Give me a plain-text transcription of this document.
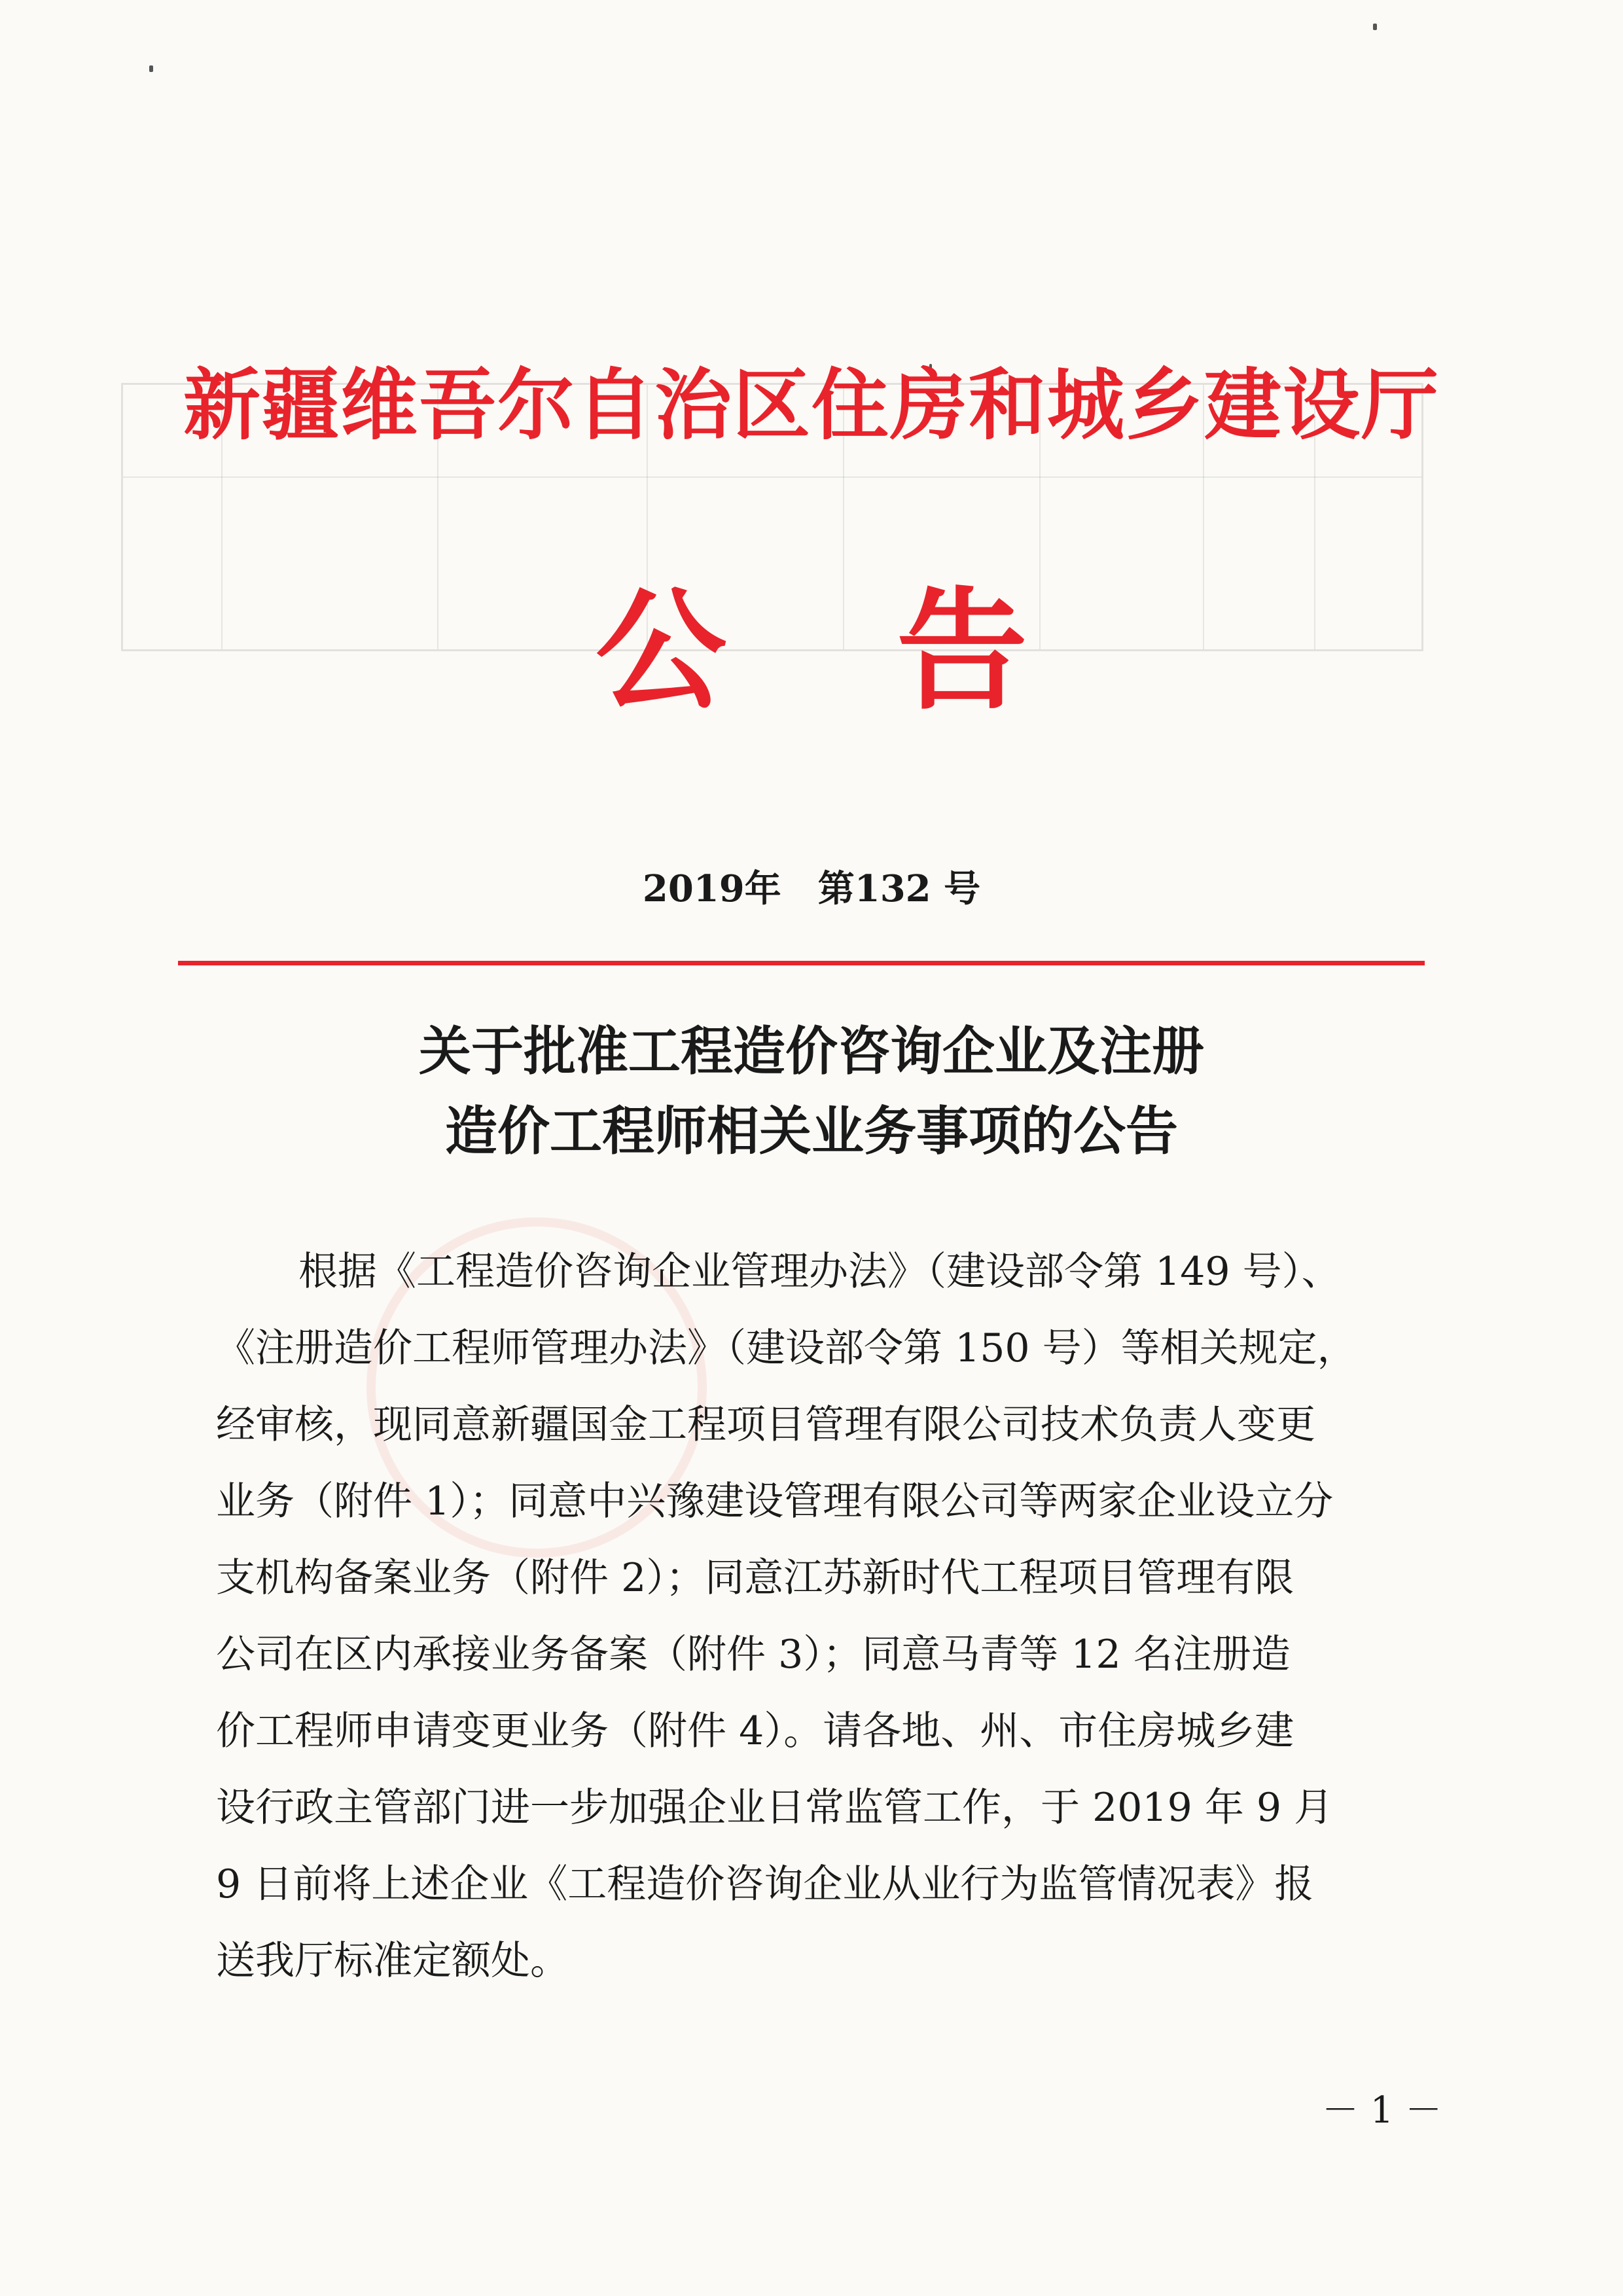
新疆维吾尔自治区住房和城乡建设厅
公告
2019年　第132 号
关于批准工程造价咨询企业及注册
造价工程师相关业务事项的公告
根据《工程造价咨询企业管理办法》（建设部令第 149 号）、
《注册造价工程师管理办法》（建设部令第 150 号）等相关规定，
经审核，现同意新疆国金工程项目管理有限公司技术负责人变更
业务（附件 1）；同意中兴豫建设管理有限公司等两家企业设立分
支机构备案业务（附件 2）；同意江苏新时代工程项目管理有限
公司在区内承接业务备案（附件 3）；同意马青等 12 名注册造
价工程师申请变更业务（附件 4）。请各地、州、市住房城乡建
设行政主管部门进一步加强企业日常监管工作，于 2019 年 9 月
9 日前将上述企业《工程造价咨询企业从业行为监管情况表》报
送我厅标准定额处。
－ 1 －
